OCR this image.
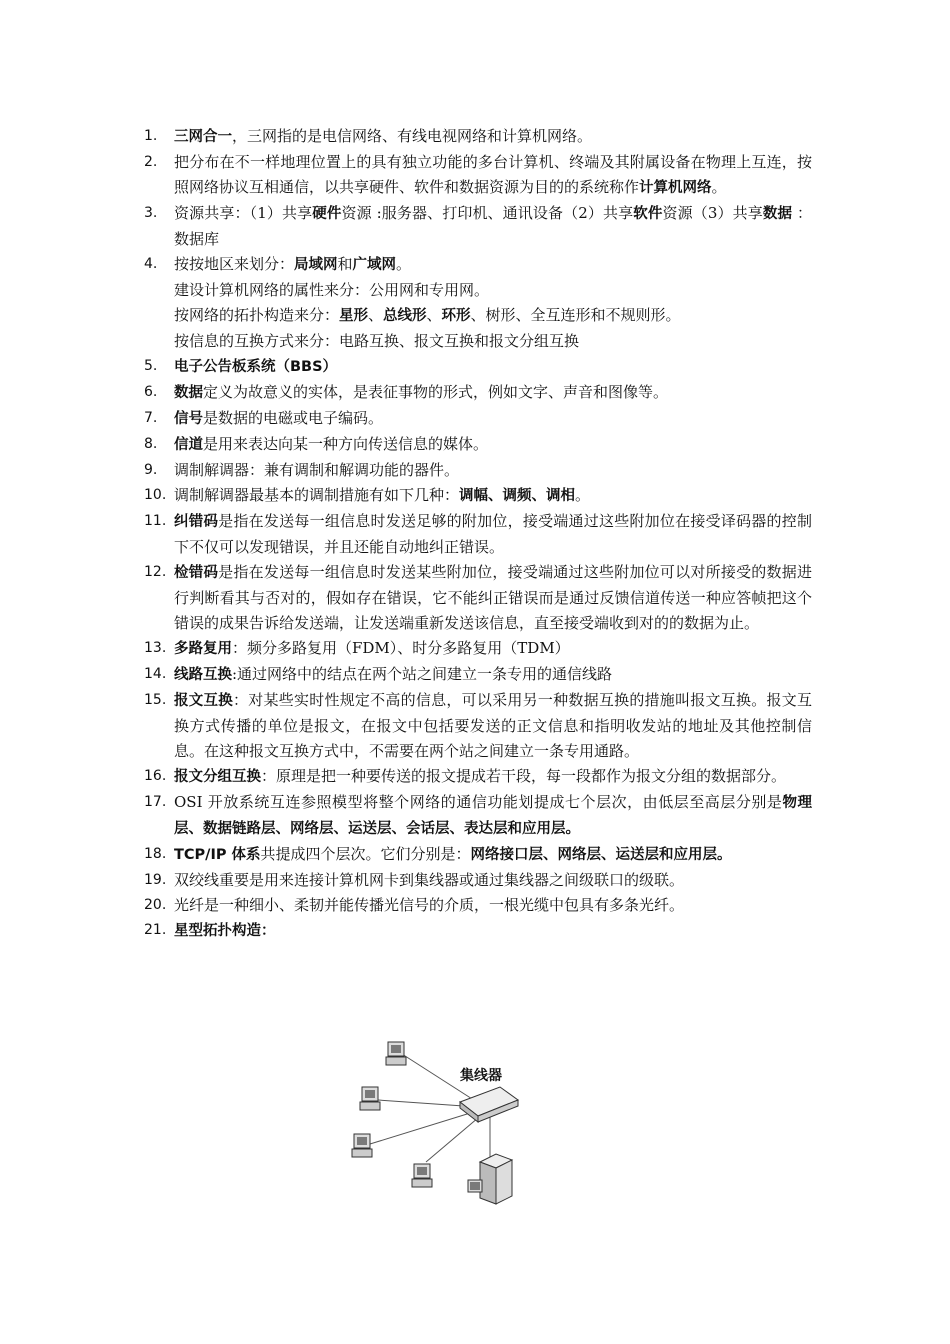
1.	三网合一，三网指的是电信网络、有线电视网络和计算机网络。
2.	把分布在不一样地理位置上的具有独立功能的多台计算机、终端及其附属设备在物理上互连，按照网络协议互相通信，以共享硬件、软件和数据资源为目的的系统称作计算机网络。
3.	资源共享：（1）共享硬件资源 :服务器、打印机、通讯设备（2）共享软件资源（3）共享数据 ：数据库
4.	按按地区来划分：局域网和广域网。
建设计算机网络的属性来分：公用网和专用网。
按网络的拓扑构造来分：星形、总线形、环形、树形、全互连形和不规则形。
按信息的互换方式来分：电路互换、报文互换和报文分组互换
5.	电子公告板系统（BBS）
6.	数据定义为故意义的实体，是表征事物的形式，例如文字、声音和图像等。
7.	信号是数据的电磁或电子编码。
8.	信道是用来表达向某一种方向传送信息的媒体。
9.	调制解调器：兼有调制和解调功能的器件。
10. 调制解调器最基本的调制措施有如下几种：调幅、调频、调相。
11. 纠错码是指在发送每一组信息时发送足够的附加位，接受端通过这些附加位在接受译码器的控制下不仅可以发现错误，并且还能自动地纠正错误。
12. 检错码是指在发送每一组信息时发送某些附加位，接受端通过这些附加位可以对所接受的数据进行判断看其与否对的，假如存在错误，它不能纠正错误而是通过反馈信道传送一种应答帧把这个错误的成果告诉给发送端，让发送端重新发送该信息，直至接受端收到对的的数据为止。
13. 多路复用：频分多路复用（FDM）、时分多路复用（TDM）
14. 线路互换:通过网络中的结点在两个站之间建立一条专用的通信线路
15. 报文互换：对某些实时性规定不高的信息，可以采用另一种数据互换的措施叫报文互换。报文互换方式传播的单位是报文，在报文中包括要发送的正文信息和指明收发站的地址及其他控制信息。在这种报文互换方式中，不需要在两个站之间建立一条专用通路。
16. 报文分组互换：原理是把一种要传送的报文提成若干段，每一段都作为报文分组的数据部分。
17. OSI 开放系统互连参照模型将整个网络的通信功能划提成七个层次，由低层至高层分别是物理层、数据链路层、网络层、运送层、会话层、表达层和应用层。
18. TCP/IP 体系共提成四个层次。它们分别是：网络接口层、网络层、运送层和应用层。
19. 双绞线重要是用来连接计算机网卡到集线器或通过集线器之间级联口的级联。
20. 光纤是一种细小、柔韧并能传播光信号的介质，一根光缆中包具有多条光纤。
21. 星型拓扑构造：
集线器
